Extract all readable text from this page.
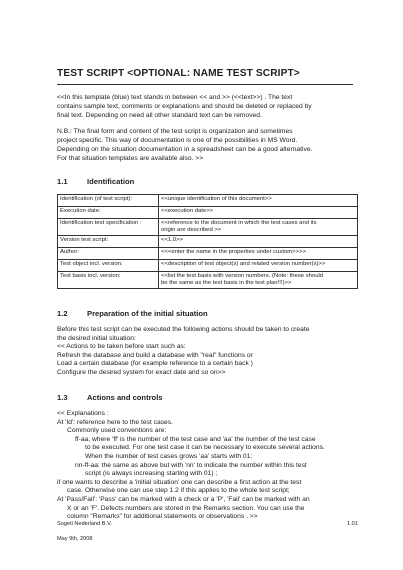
TEST SCRIPT <OPTIONAL: NAME TEST SCRIPT>
<<In this template (blue) text stands in between << and >> (<<text>>) . The text
contains sample text, comments or explanations and should be deleted or replaced by
final text. Depending on need all other standard text can be removed.
N.B.: The final form and content of the test script is organization and sometimes
project specific. This way of documentation is one of the possibilities in MS Word.
Depending on the situation documentation in a spreadsheet can be a good alternative.
For that situation templates are available also. >>
1.1	Identification
Identification (of test script):	<<unique identification of this document>>

Execution date:	<<execution date>>

Identification test specification :	<<reference to the document in which the test cases and its
origin are described >>

Version test script:	<<1.0>>

Author:	<<<enter the name in the properties under custom>>>>

Test object incl. version:	<<description of test object(s) and related version number(s)>>

Test basis incl. version:	<<list the test basis with version numbers. (Note: these should
be the same as the test basis in the test plan!!!)>>
1.2	Preparation of the initial situation
Before this test script can be executed the following actions should be taken to create
the desired initial situation:
<< Actions to be taken before start such as:
Refresh the database and build a database with "real" functions or
Load a certain database (for example reference to a certain back )
Configure the desired system for exact date and so on>>
1.3	Actions and controls
<< Explanations :
At 'Id': reference here to the test cases.
Commonly used conventions are:
ff-aa, where 'ff' is the number of the test case and 'aa' the number of the test case
to be executed. For one test case it can be necessary to execute several actions.
When the number of test cases grows 'aa' starts with 01;
nn-ff-aa: the same as above but with 'nn' to indicate the number within this test
script (is always increasing starting with 01) ;
if one wants to describe a 'initial situation' one can describe a first action at the test
case. Otherwise one can use step 1.2 if this applies to the whole test script;
At 'Pass/Fail': 'Pass' can be marked with a check or a 'P', 'Fail' can be marked with an
X or an 'F'. Defects numbers are stored in the Remarks section. You can use the
column "Remarks" for additional statements or observations . >>
Sogeti Nederland B.V.	1.01
May 9th, 2008
